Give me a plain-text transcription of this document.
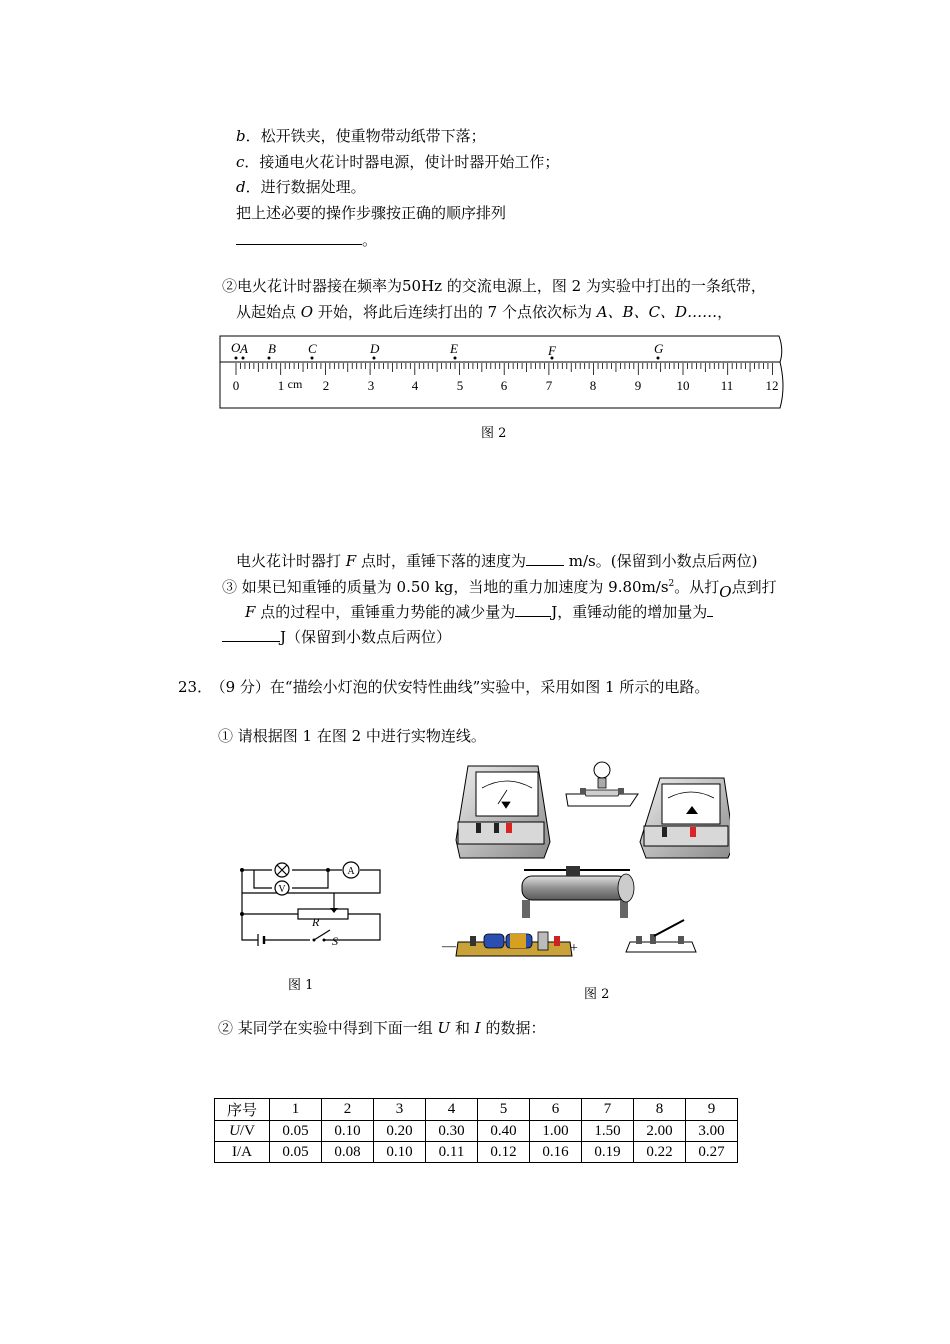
b．松开铁夹，使重物带动纸带下落；
c．接通电火花计时器电源，使计时器开始工作；
d．进行数据处理。
把上述必要的操作步骤按正确的顺序排列
。
②电火花计时器接在频率为50Hz 的交流电源上，图 2 为实验中打出的一条纸带，
从起始点 O 开始，将此后连续打出的 7 个点依次标为 A、B、C、D……，
O A B C	D	E	F	G
0	1 cm 2	3	4	5	6	7	8	9	10 11 12
图 2
电火花计时器打 F 点时，重锤下落的速度为	m/s。(保留到小数点后两位)
③ 如果已知重锤的质量为 0.50 kg，当地的重力加速度为 $9.80m/s^2$。从打O点到打
F 点的过程中，重锤重力势能的减少量为 J，重锤动能的增加量为
J（保留到小数点后两位）
23． （9 分）在“描绘小灯泡的伏安特性曲线”实验中，采用如图 1 所示的电路。
① 请根据图 1 在图 2 中进行实物连线。
V
A
R
S
图 1
—	+
图 2
② 某同学在实验中得到下面一组 U 和 I 的数据：
序号	1	2	3	4	5	6	7	8	9
U/V	0.05	0.10	0.20	0.30	0.40	1.00	1.50	2.00	3.00
I/A	0.05	0.08	0.10	0.11	0.12	0.16	0.19	0.22	0.27
